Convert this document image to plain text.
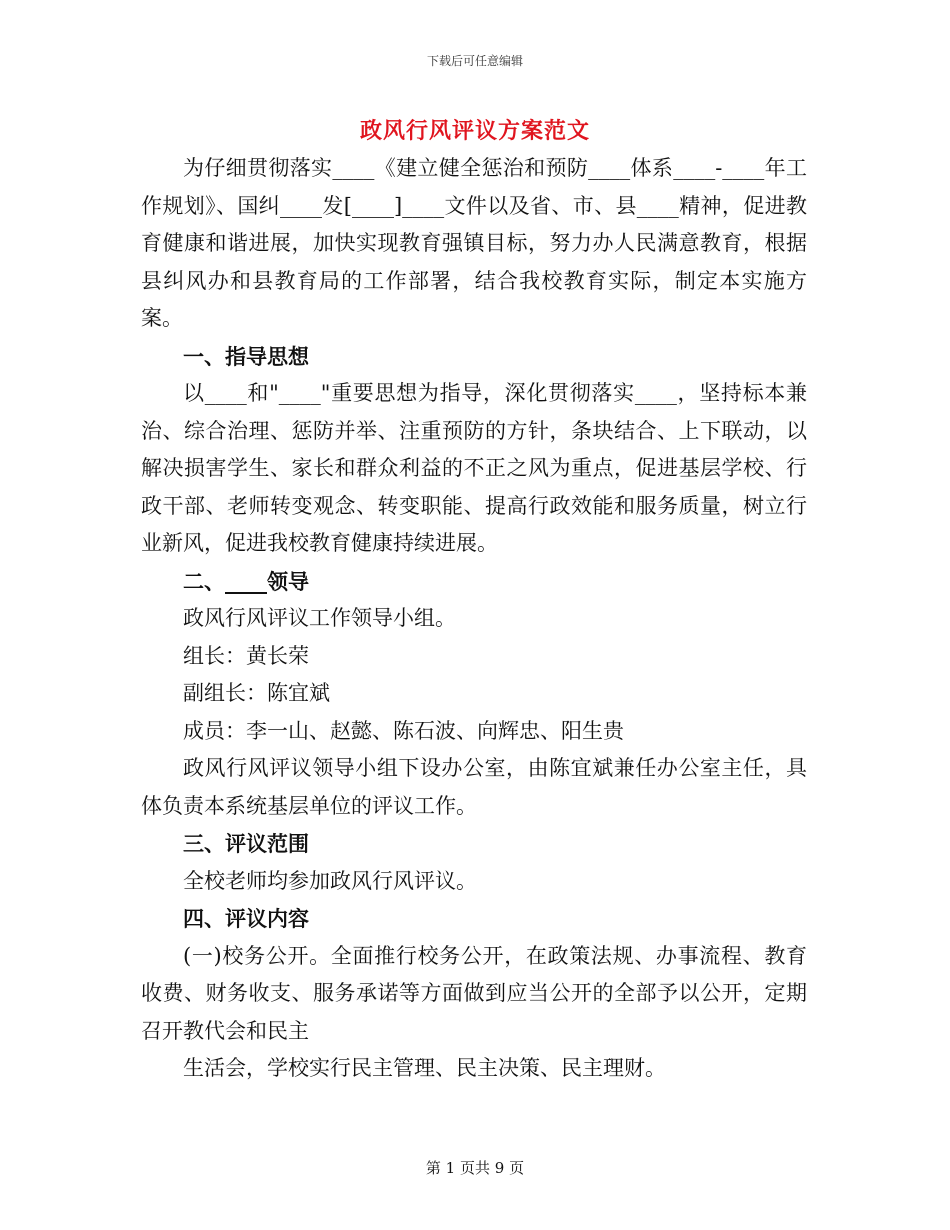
下载后可任意编辑
政风行风评议方案范文

为仔细贯彻落实____《建立健全惩治和预防____体系____-____年工作规划》、国纠____发[____]____文件以及省、市、县____精神，促进教育健康和谐进展，加快实现教育强镇目标，努力办人民满意教育，根据县纠风办和县教育局的工作部署，结合我校教育实际，制定本实施方案。

一、指导思想

以____和"____"重要思想为指导，深化贯彻落实____，坚持标本兼治、综合治理、惩防并举、注重预防的方针，条块结合、上下联动，以解决损害学生、家长和群众利益的不正之风为重点，促进基层学校、行政干部、老师转变观念、转变职能、提高行政效能和服务质量，树立行业新风，促进我校教育健康持续进展。

二、____领导

政风行风评议工作领导小组。

组长：黄长荣

副组长：陈宜斌

成员：李一山、赵懿、陈石波、向辉忠、阳生贵

政风行风评议领导小组下设办公室，由陈宜斌兼任办公室主任，具体负责本系统基层单位的评议工作。

三、评议范围

全校老师均参加政风行风评议。

四、评议内容

(一)校务公开。全面推行校务公开，在政策法规、办事流程、教育收费、财务收支、服务承诺等方面做到应当公开的全部予以公开，定期召开教代会和民主

生活会，学校实行民主管理、民主决策、民主理财。

第 1 页共 9 页
